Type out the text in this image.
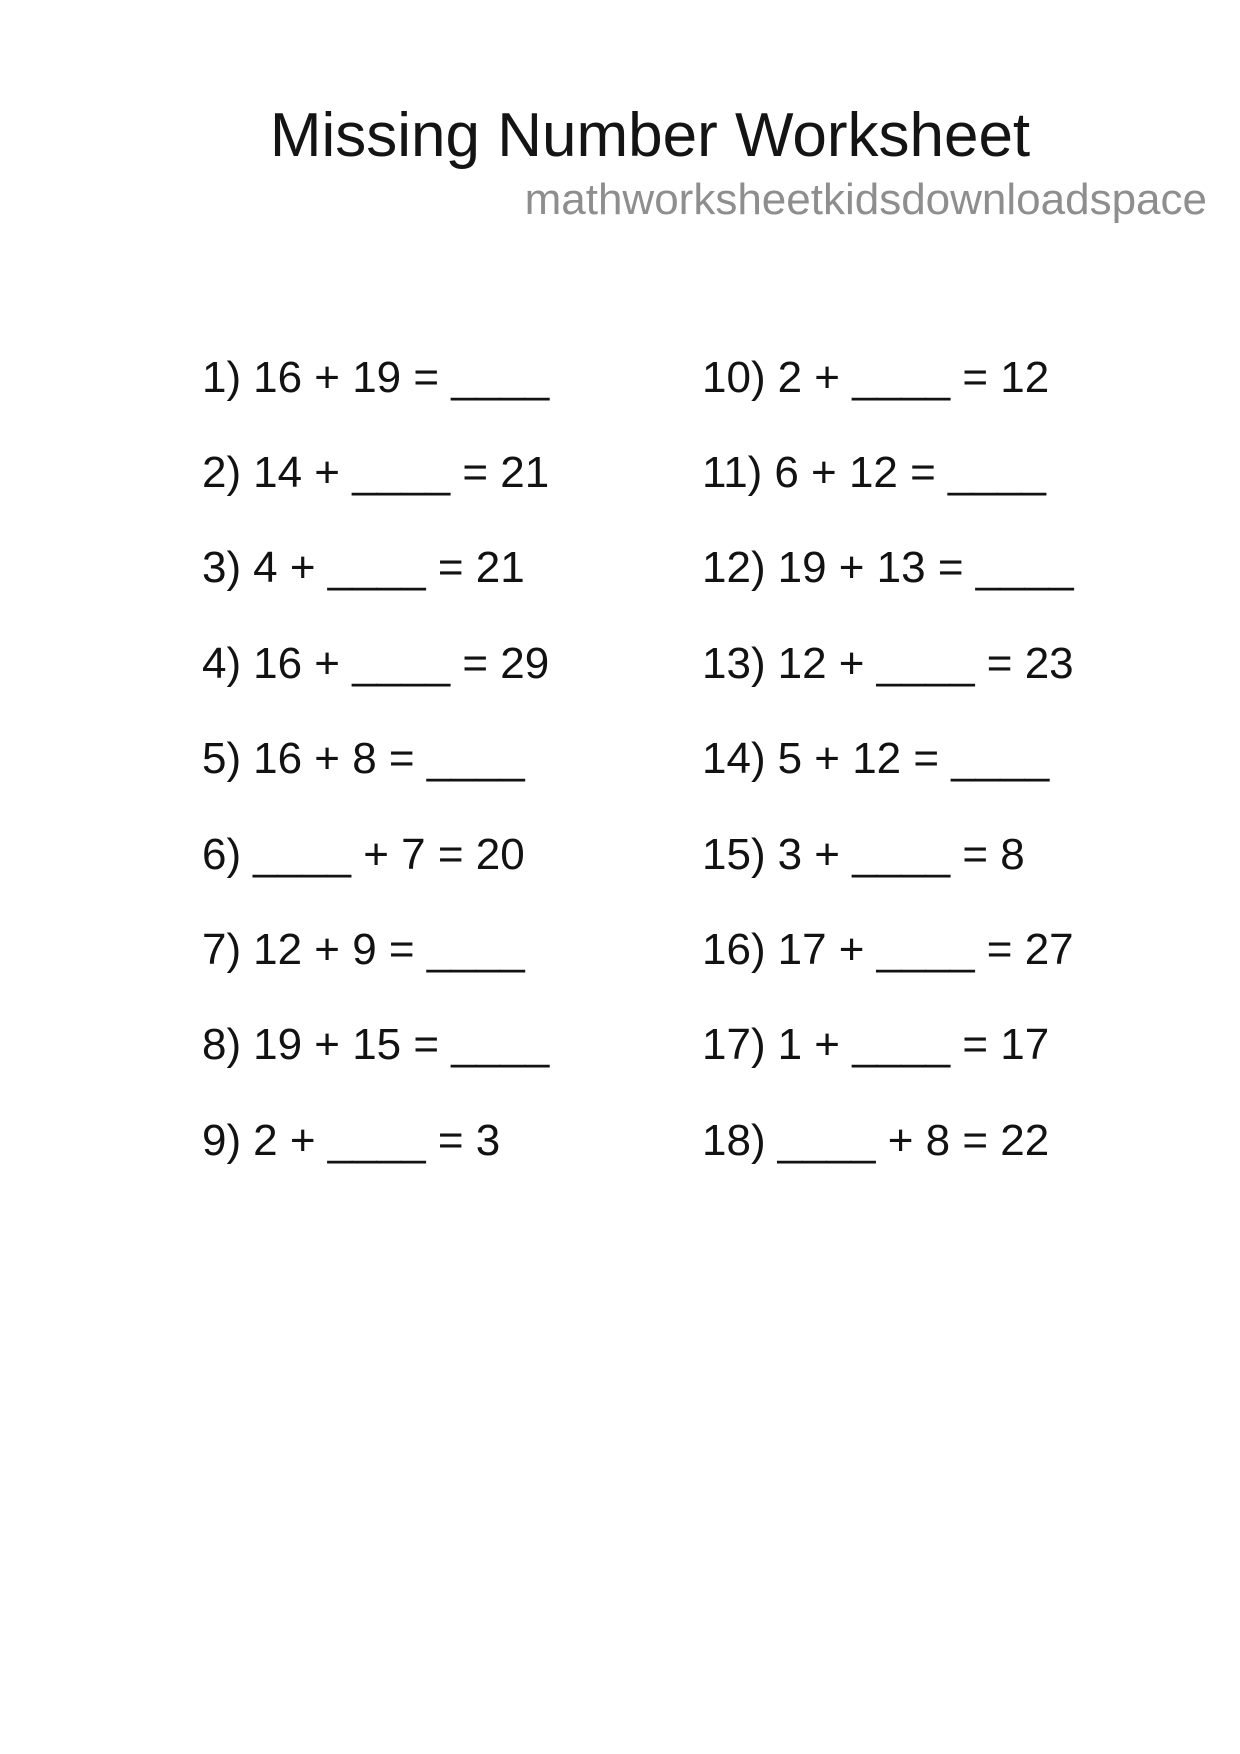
Missing Number Worksheet
mathworksheetkidsdownloadspace
1) 16 + 19 = ____
2) 14 + ____ = 21
3) 4 + ____ = 21
4) 16 + ____ = 29
5) 16 + 8 = ____
6) ____ + 7 = 20
7) 12 + 9 = ____
8) 19 + 15 = ____
9) 2 + ____ = 3
10) 2 + ____ = 12
11) 6 + 12 = ____
12) 19 + 13 = ____
13) 12 + ____ = 23
14) 5 + 12 = ____
15) 3 + ____ = 8
16) 17 + ____ = 27
17) 1 + ____ = 17
18) ____ + 8 = 22
